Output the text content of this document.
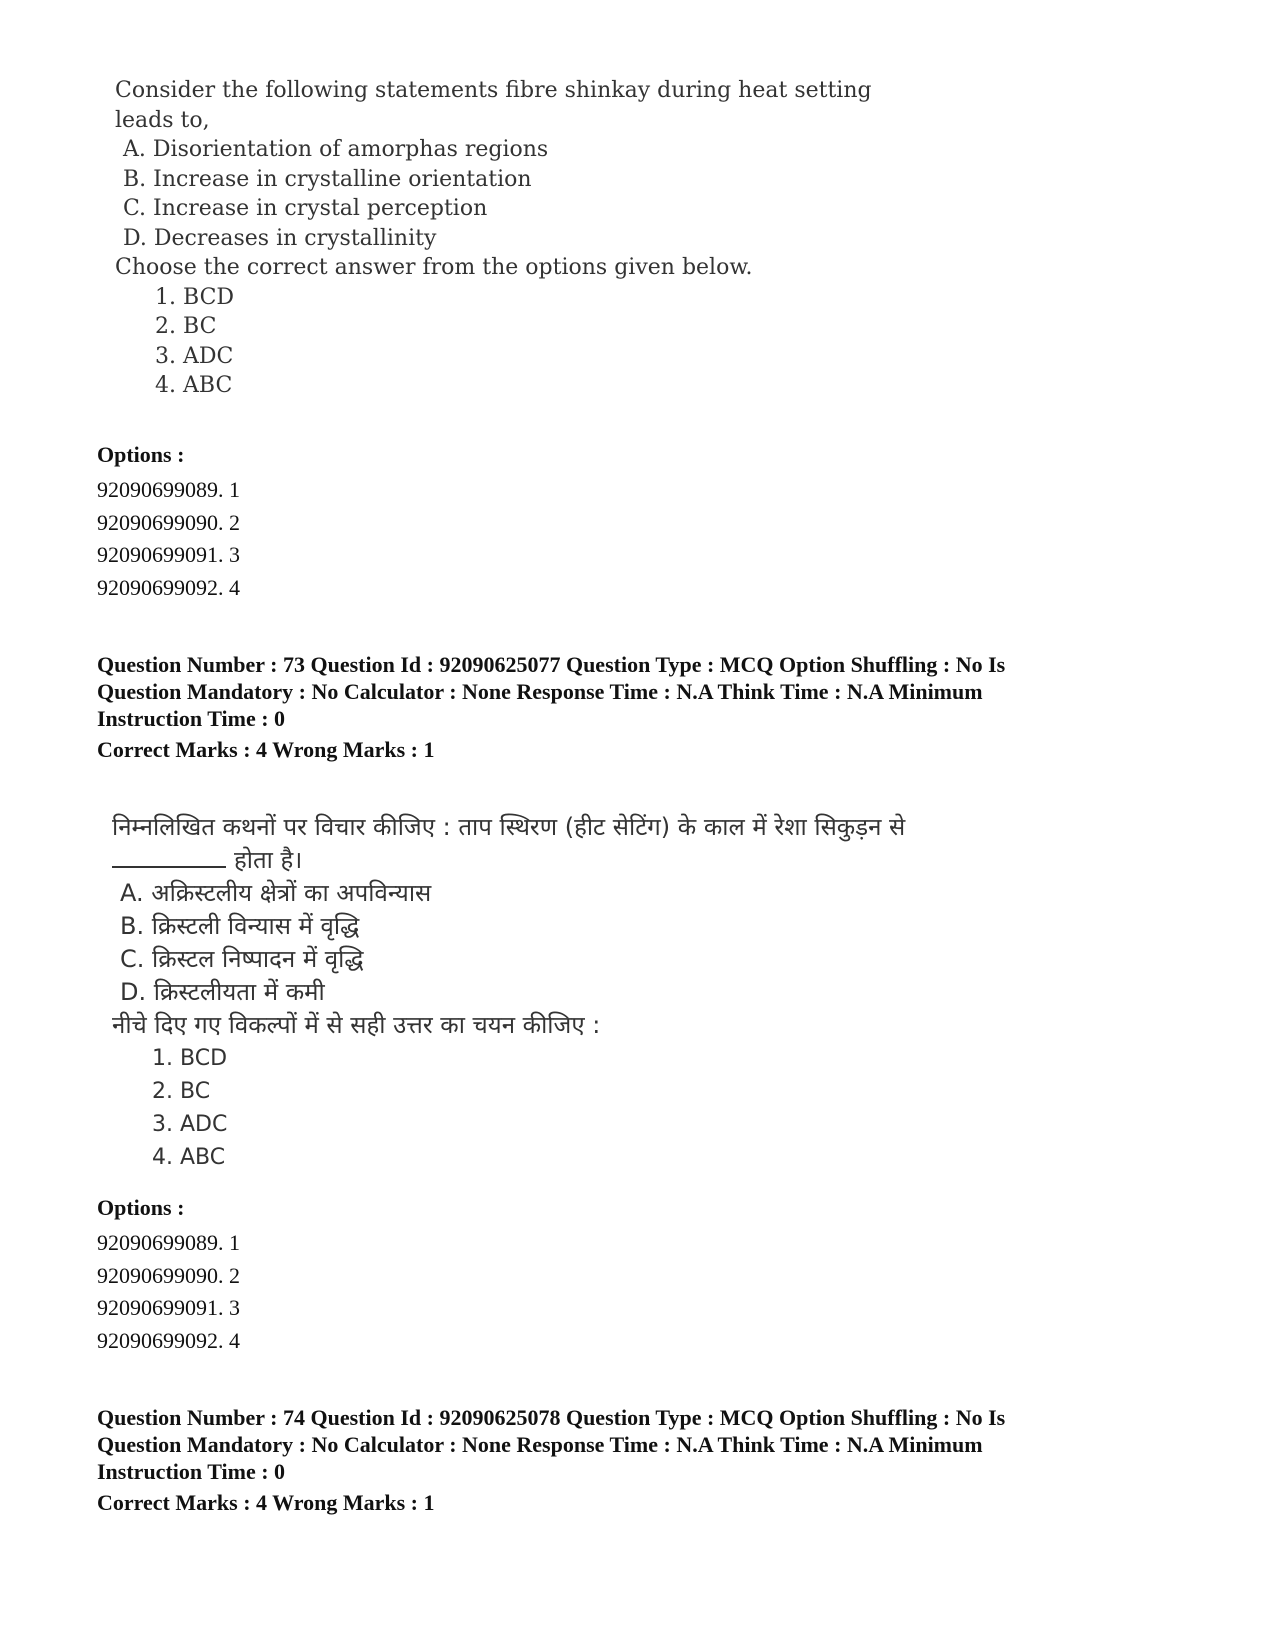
Consider the following statements fibre shinkay during heat setting

leads to,

A. Disorientation of amorphas regions

B. Increase in crystalline orientation

C. Increase in crystal perception

D. Decreases in crystallinity

Choose the correct answer from the options given below.

1. BCD

2. BC

3. ADC

4. ABC

Options :
92090699089. 1
92090699090. 2
92090699091. 3
92090699092. 4
Question Number : 73 Question Id : 92090625077 Question Type : MCQ Option Shuffling : No Is
Question Mandatory : No Calculator : None Response Time : N.A Think Time : N.A Minimum
Instruction Time : 0
Correct Marks : 4 Wrong Marks : 1

निम्नलिखित कथनों पर विचार कीजिए : ताप स्थिरण (हीट सेटिंग) के काल में रेशा सिकुड़न से

होता है।

A. अक्रिस्टलीय क्षेत्रों का अपविन्यास

B. क्रिस्टली विन्यास में वृद्धि

C. क्रिस्टल निष्पादन में वृद्धि

D. क्रिस्टलीयता में कमी

नीचे दिए गए विकल्पों में से सही उत्तर का चयन कीजिए :

1. BCD

2. BC

3. ADC

4. ABC

Options :
92090699089. 1
92090699090. 2
92090699091. 3
92090699092. 4
Question Number : 74 Question Id : 92090625078 Question Type : MCQ Option Shuffling : No Is
Question Mandatory : No Calculator : None Response Time : N.A Think Time : N.A Minimum
Instruction Time : 0
Correct Marks : 4 Wrong Marks : 1
